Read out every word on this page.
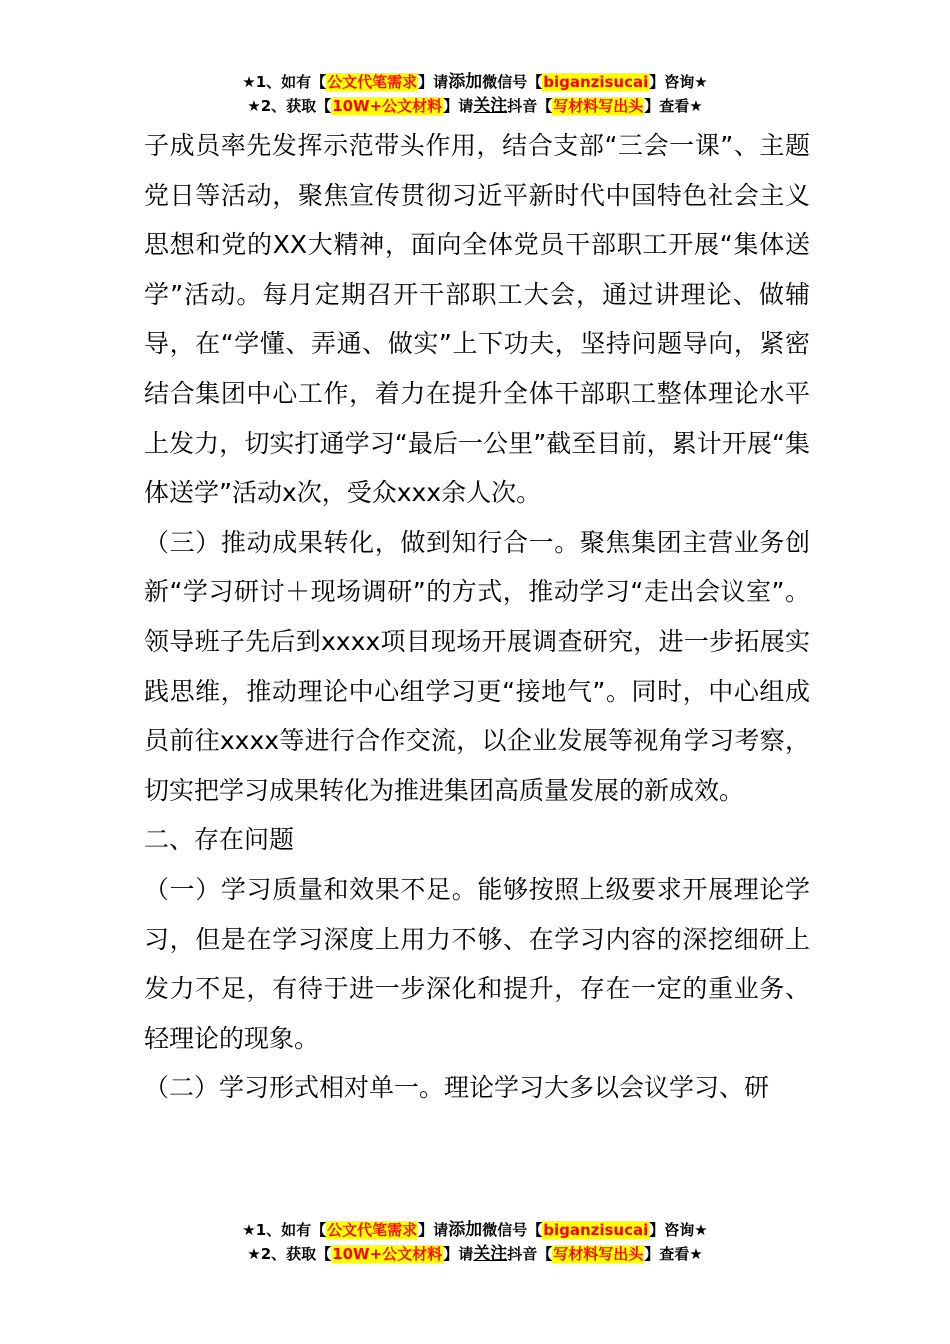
★1、如有【公文代笔需求】请添加微信号【biganzisucai】咨询★
★2、获取【10W+公文材料】请关注抖音【写材料写出头】查看★

子成员率先发挥示范带头作用，结合支部“三会一课”、主题党日等活动，聚焦宣传贯彻习近平新时代中国特色社会主义思想和党的XX大精神，面向全体党员干部职工开展“集体送学”活动。每月定期召开干部职工大会，通过讲理论、做辅导，在“学懂、弄通、做实”上下功夫，坚持问题导向，紧密结合集团中心工作，着力在提升全体干部职工整体理论水平上发力，切实打通学习“最后一公里”截至目前，累计开展“集体送学”活动x次，受众xxx余人次。

（三）推动成果转化，做到知行合一。聚焦集团主营业务创新“学习研讨＋现场调研”的方式，推动学习“走出会议室”。领导班子先后到xxxx项目现场开展调查研究，进一步拓展实践思维，推动理论中心组学习更“接地气”。同时，中心组成员前往xxxx等进行合作交流，以企业发展等视角学习考察，切实把学习成果转化为推进集团高质量发展的新成效。

二、存在问题

（一）学习质量和效果不足。能够按照上级要求开展理论学习，但是在学习深度上用力不够、在学习内容的深挖细研上发力不足，有待于进一步深化和提升，存在一定的重业务、轻理论的现象。

（二）学习形式相对单一。理论学习大多以会议学习、研

★1、如有【公文代笔需求】请添加微信号【biganzisucai】咨询★
★2、获取【10W+公文材料】请关注抖音【写材料写出头】查看★
